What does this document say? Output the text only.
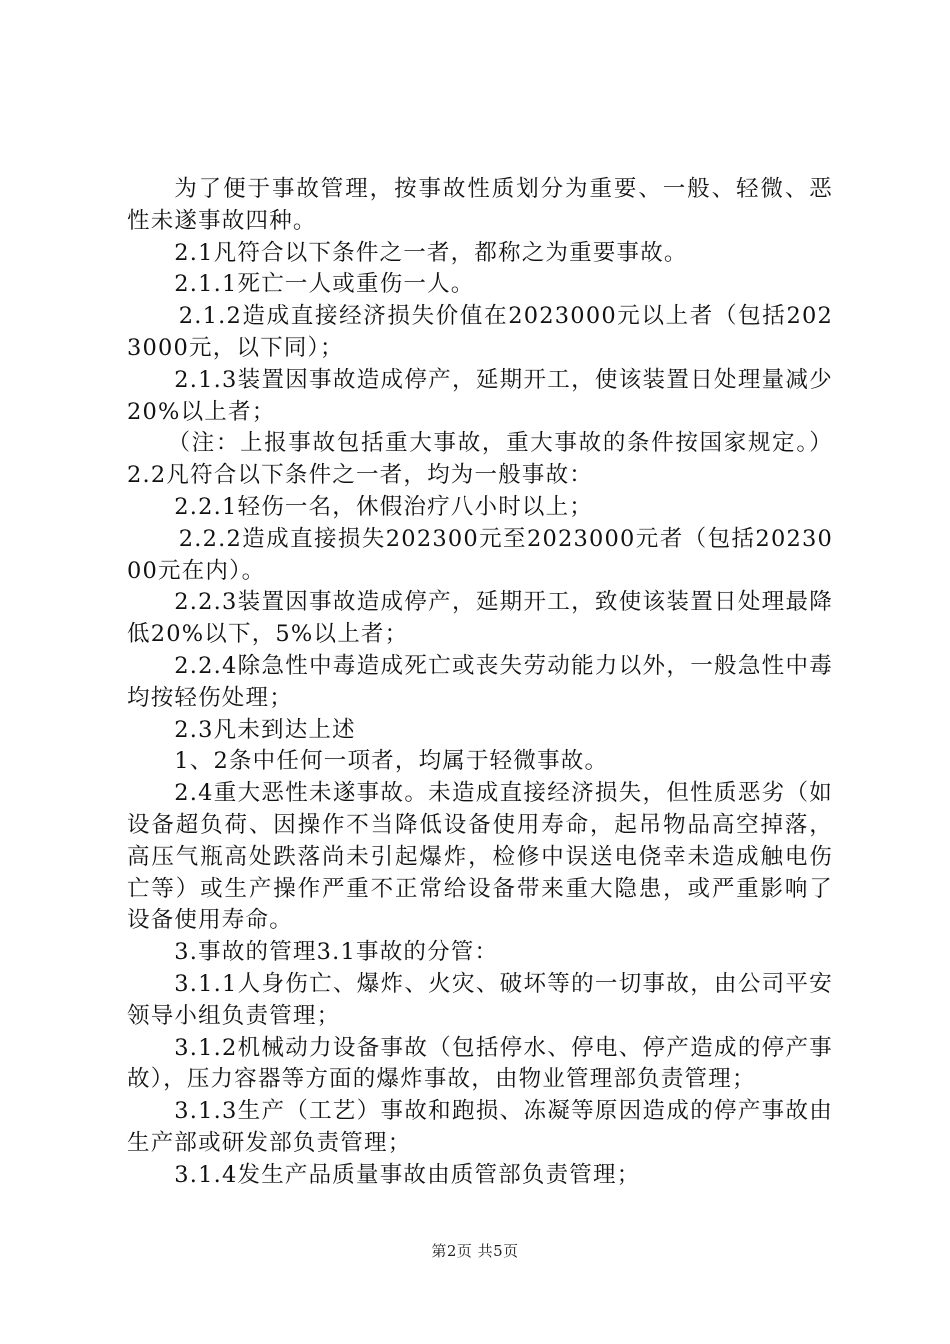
为了便于事故管理，按事故性质划分为重要、一般、轻微、恶性未遂事故四种。

2.1凡符合以下条件之一者，都称之为重要事故。

2.1.1死亡一人或重伤一人。

2.1.2造成直接经济损失价值在2023000元以上者（包括2023000元，以下同）；

2.1.3装置因事故造成停产，延期开工，使该装置日处理量减少20%以上者；

（注：上报事故包括重大事故，重大事故的条件按国家规定。）2.2凡符合以下条件之一者，均为一般事故：

2.2.1轻伤一名，休假治疗八小时以上；

2.2.2造成直接损失202300元至2023000元者（包括2023000元在内）。

2.2.3装置因事故造成停产，延期开工，致使该装置日处理最降低20%以下，5%以上者；

2.2.4除急性中毒造成死亡或丧失劳动能力以外，一般急性中毒均按轻伤处理；

2.3凡未到达上述

1、2条中任何一项者，均属于轻微事故。

2.4重大恶性未遂事故。未造成直接经济损失，但性质恶劣（如设备超负荷、因操作不当降低设备使用寿命，起吊物品高空掉落，高压气瓶高处跌落尚未引起爆炸，检修中误送电侥幸未造成触电伤亡等）或生产操作严重不正常给设备带来重大隐患，或严重影响了设备使用寿命。

3.事故的管理3.1事故的分管：

3.1.1人身伤亡、爆炸、火灾、破坏等的一切事故，由公司平安领导小组负责管理；

3.1.2机械动力设备事故（包括停水、停电、停产造成的停产事故），压力容器等方面的爆炸事故，由物业管理部负责管理；

3.1.3生产（工艺）事故和跑损、冻凝等原因造成的停产事故由生产部或研发部负责管理；

3.1.4发生产品质量事故由质管部负责管理；

第2页 共5页
